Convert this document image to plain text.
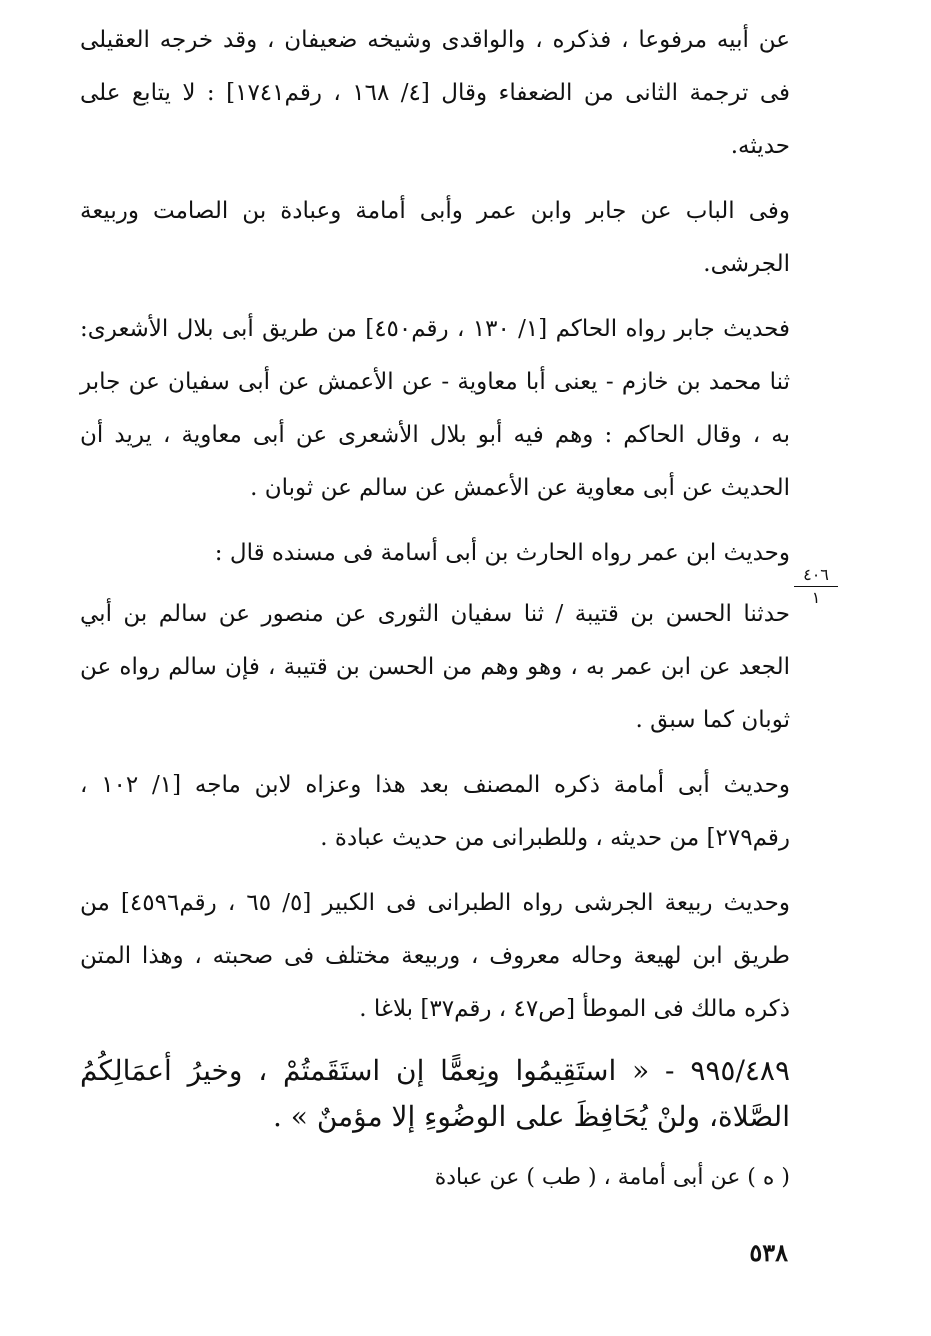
عن أبيه مرفوعا ، فذكره ، والواقدى وشيخه ضعيفان ، وقد خرجه العقيلى فى ترجمة الثانى من الضعفاء وقال [٤/ ١٦٨ ، رقم١٧٤١] : لا يتابع على حديثه.

وفى الباب عن جابر وابن عمر وأبى أمامة وعبادة بن الصامت وربيعة الجرشى.

فحديث جابر رواه الحاكم [١/ ١٣٠ ، رقم٤٥٠] من طريق أبى بلال الأشعرى: ثنا محمد بن خازم - يعنى أبا معاوية - عن الأعمش عن أبى سفيان عن جابر به ، وقال الحاكم : وهم فيه أبو بلال الأشعرى عن أبى معاوية ، يريد أن الحديث عن أبى معاوية عن الأعمش عن سالم عن ثوبان .

وحديث ابن عمر رواه الحارث بن أبى أسامة فى مسنده قال :

حدثنا الحسن بن قتيبة / ثنا سفيان الثورى عن منصور عن سالم بن أبي الجعد عن ابن عمر به ، وهو وهم من الحسن بن قتيبة ، فإن سالم رواه عن ثوبان كما سبق .

وحديث أبى أمامة ذكره المصنف بعد هذا وعزاه لابن ماجه [١/ ١٠٢ ، رقم٢٧٩] من حديثه ، وللطبرانى من حديث عبادة .

وحديث ربيعة الجرشى رواه الطبرانى فى الكبير [٥/ ٦٥ ، رقم٤٥٩٦] من طريق ابن لهيعة وحاله معروف ، وربيعة مختلف فى صحبته ، وهذا المتن ذكره مالك فى الموطأ [ص٤٧ ، رقم٣٧] بلاغا .

٩٩٥/٤٨٩ - « استَقِيمُوا ونِعمًّا إن استَقَمتُمْ ، وخيرُ أعمَالِكُمُ الصَّلاة، ولنْ يُحَافِظَ على الوضُوءِ إلا مؤمنٌ » .

( ه ) عن أبى أمامة ، ( طب ) عن عبادة

٤٠٦
١
٥٣٨
